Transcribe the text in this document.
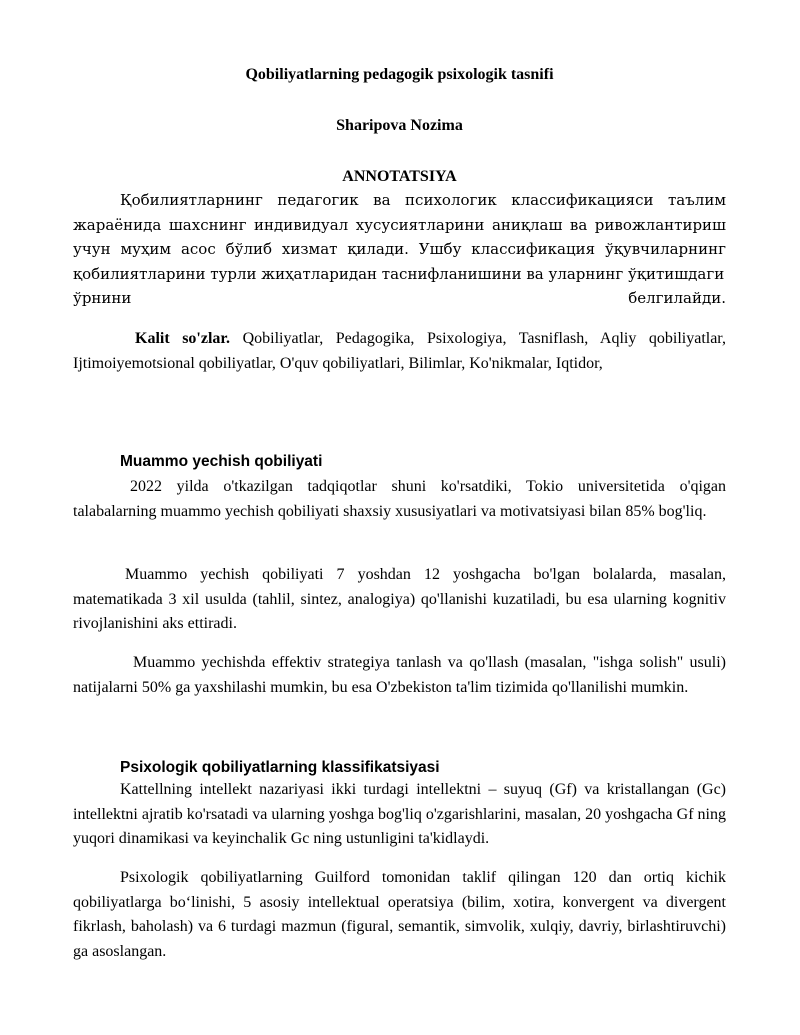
Qobiliyatlarning pedagogik psixologik tasnifi
Sharipova Nozima
ANNOTATSIYA
Қобилиятларнинг педагогик ва психологик классификацияси таълим жараёнида шахснинг индивидуал хусусиятларини аниқлаш ва ривожлантириш учун муҳим асос бўлиб хизмат қилади. Ушбу классификация ўқувчиларнинг қобилиятларини турли жиҳатларидан таснифланишини ва уларнинг ўқитишдаги
ўрнини	белгилайди.
Kalit so'zlar. Qobiliyatlar, Pedagogika, Psixologiya, Tasniflash, Aqliy qobiliyatlar, Ijtimoiyemotsional qobiliyatlar, O'quv qobiliyatlari, Bilimlar, Ko'nikmalar, Iqtidor,
Muammo yechish qobiliyati
2022 yilda o'tkazilgan tadqiqotlar shuni ko'rsatdiki, Tokio universitetida o'qigan talabalarning muammo yechish qobiliyati shaxsiy xususiyatlari va motivatsiyasi bilan 85% bog'liq.
Muammo yechish qobiliyati 7 yoshdan 12 yoshgacha bo'lgan bolalarda, masalan, matematikada 3 xil usulda (tahlil, sintez, analogiya) qo'llanishi kuzatiladi, bu esa ularning kognitiv rivojlanishini aks ettiradi.
Muammo yechishda effektiv strategiya tanlash va qo'llash (masalan, "ishga solish" usuli) natijalarni 50% ga yaxshilashi mumkin, bu esa O'zbekiston ta'lim tizimida qo'llanilishi mumkin.
Psixologik qobiliyatlarning klassifikatsiyasi
Kattellning intellekt nazariyasi ikki turdagi intellektni – suyuq (Gf) va kristallangan (Gc) intellektni ajratib ko'rsatadi va ularning yoshga bog'liq o'zgarishlarini, masalan, 20 yoshgacha Gf ning yuqori dinamikasi va keyinchalik Gc ning ustunligini ta'kidlaydi.
Psixologik qobiliyatlarning Guilford tomonidan taklif qilingan 120 dan ortiq kichik qobiliyatlarga bo‘linishi, 5 asosiy intellektual operatsiya (bilim, xotira, konvergent va divergent fikrlash, baholash) va 6 turdagi mazmun (figural, semantik, simvolik, xulqiy, davriy, birlashtiruvchi) ga asoslangan.
